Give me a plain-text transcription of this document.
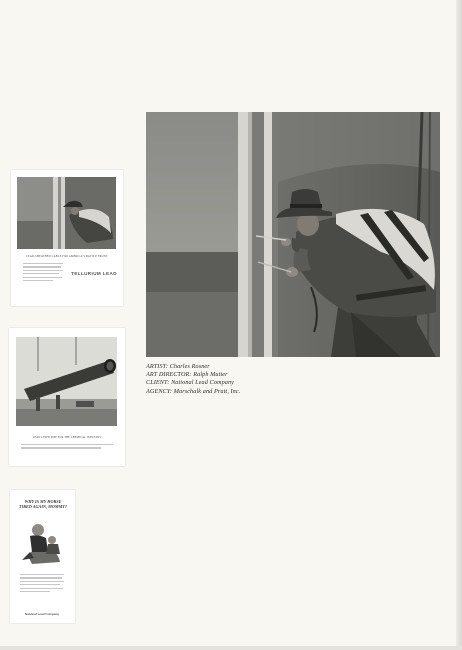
ARTIST: Charles Rosner
ART DIRECTOR: Ralph Mutter
CLIENT: National Lead Company
AGENCY: Marschalk and Pratt, Inc.
LEAD-SHEATHED CABLE FOR AMERICA'S BATTLE FRONT
TELLURIUM LEAD
LEAD LINED PIPE FOR THE CHEMICAL INDUSTRY
WHY IS MY HORSE TIRED AGAIN, MOMMY?
National Lead Company
